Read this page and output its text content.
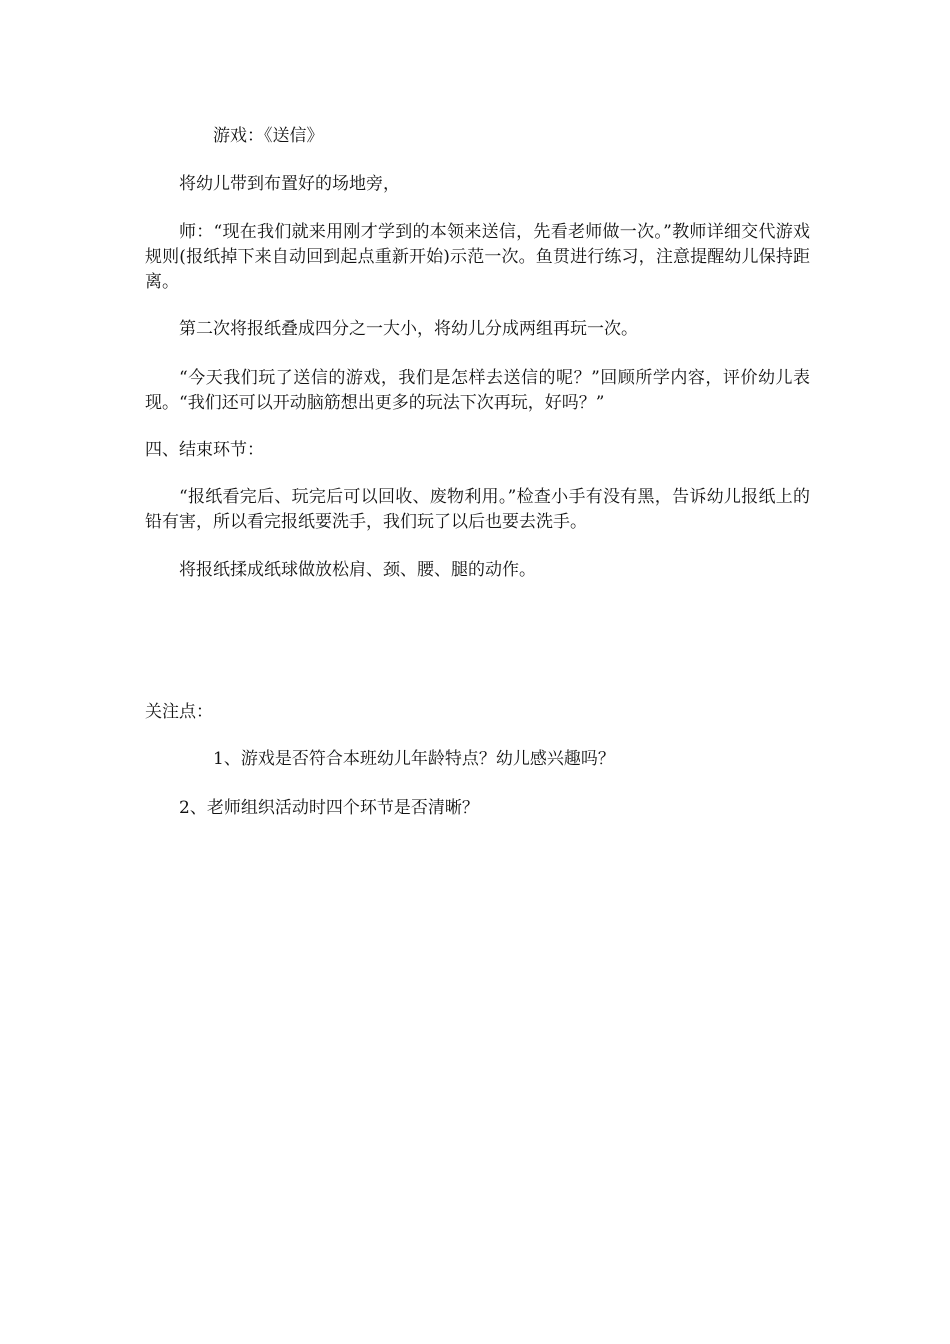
游戏：《送信》

将幼儿带到布置好的场地旁，

师：“现在我们就来用刚才学到的本领来送信，先看老师做一次。”教师详细交代游戏规则(报纸掉下来自动回到起点重新开始)示范一次。鱼贯进行练习，注意提醒幼儿保持距离。

第二次将报纸叠成四分之一大小，将幼儿分成两组再玩一次。

“今天我们玩了送信的游戏，我们是怎样去送信的呢？”回顾所学内容，评价幼儿表现。“我们还可以开动脑筋想出更多的玩法下次再玩，好吗？”

四、结束环节：

“报纸看完后、玩完后可以回收、废物利用。”检查小手有没有黑，告诉幼儿报纸上的铅有害，所以看完报纸要洗手，我们玩了以后也要去洗手。

将报纸揉成纸球做放松肩、颈、腰、腿的动作。

关注点：

1、游戏是否符合本班幼儿年龄特点？幼儿感兴趣吗？

2、老师组织活动时四个环节是否清晰？
